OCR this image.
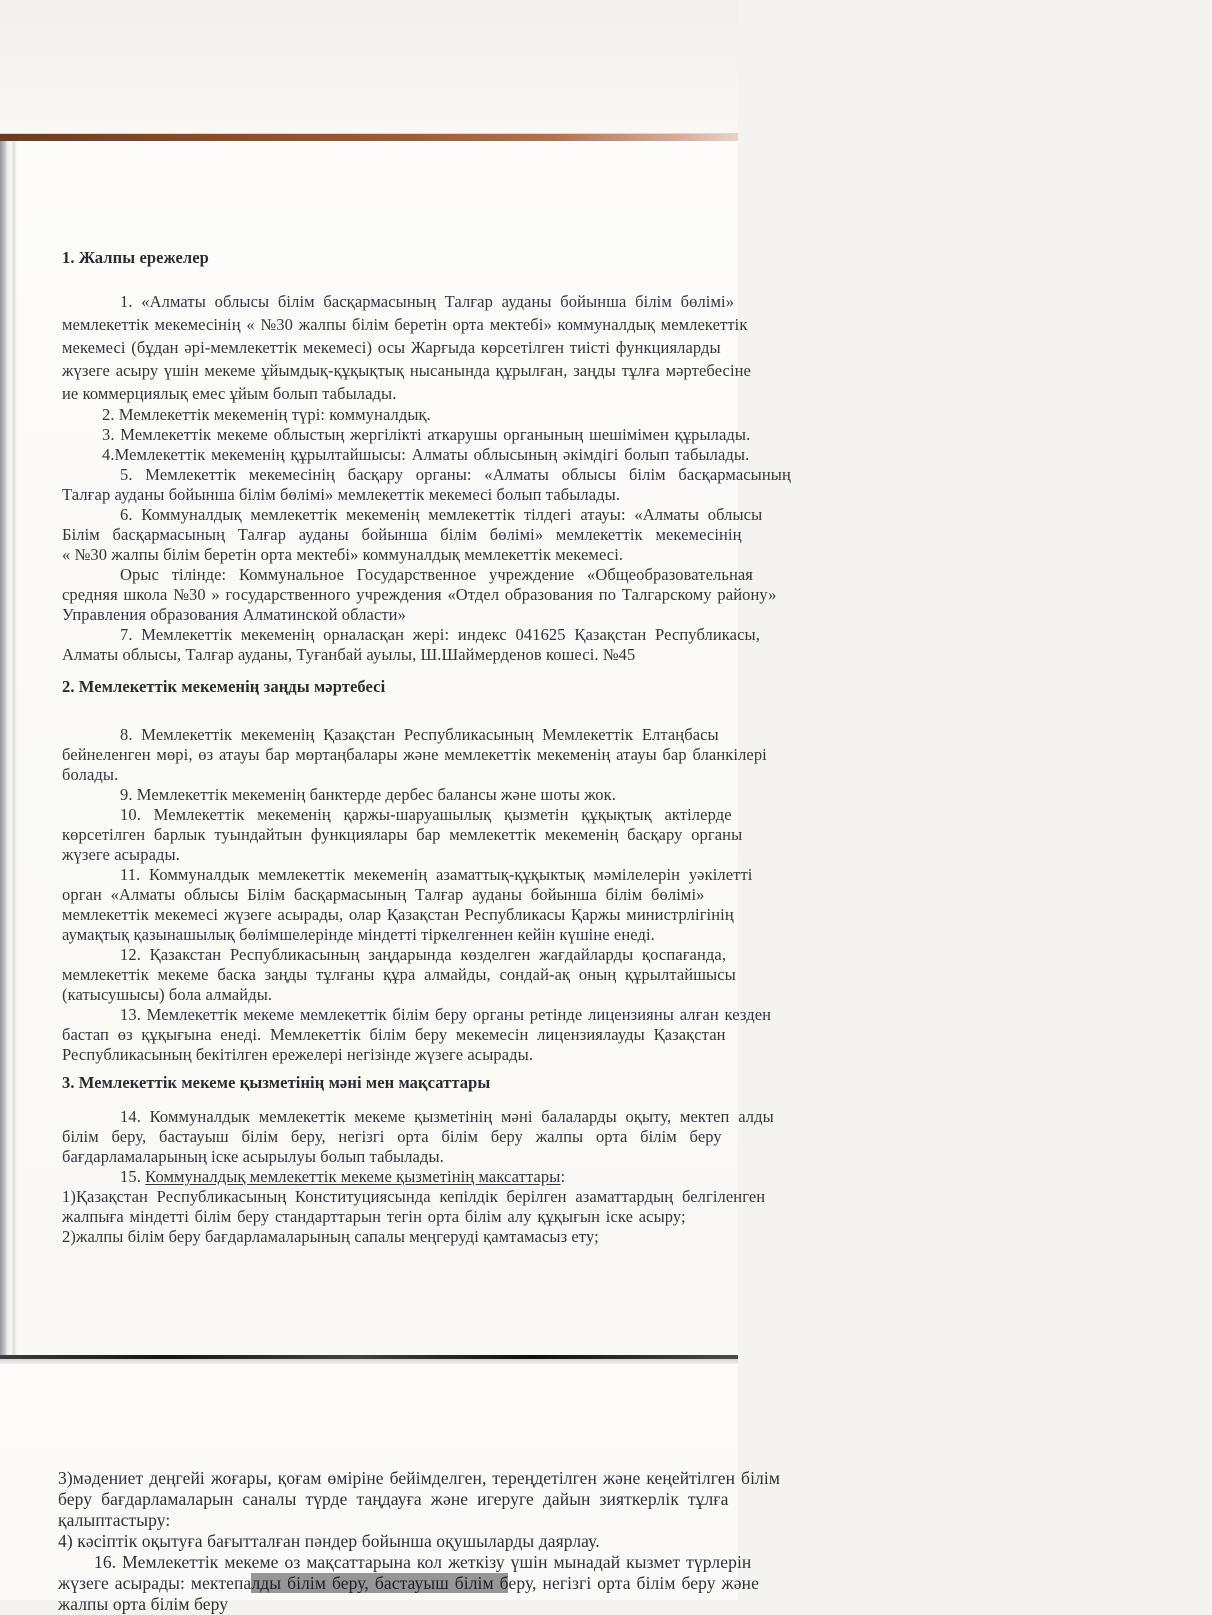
1. Жалпы ережелер
1. «Алматы облысы білім басқармасының Талғар ауданы бойынша білім бөлімі»
мемлекеттік мекемесінің « №30 жалпы білім беретін орта мектебі» коммуналдық мемлекеттік
мекемесі (бұдан әрі-мемлекеттік мекемесі) осы Жарғыда көрсетілген тиісті функцияларды
жүзеге асыру үшін мекеме ұйымдық-құқықтық нысанында құрылған, заңды тұлға мәртебесіне
ие коммерциялық емес ұйым болып табылады.
2. Мемлекеттік мекеменің түрі: коммуналдық.
3. Мемлекеттік мекеме облыстың жергілікті аткарушы органының шешімімен құрылады.
4.Мемлекеттік мекеменің құрылтайшысы: Алматы облысының әкімдігі болып табылады.
5. Мемлекеттік мекемесінің басқару органы: «Алматы облысы білім басқармасының
Талғар ауданы бойынша білім бөлімі» мемлекеттік мекемесі болып табылады.
6. Коммуналдық мемлекеттік мекеменің мемлекеттік тілдегі атауы: «Алматы облысы
Білім басқармасының Талғар ауданы бойынша білім бөлімі» мемлекеттік мекемесінің
« №30 жалпы білім беретін орта мектебі» коммуналдық мемлекеттік мекемесі.
Орыс тілінде: Коммунальное Государственное учреждение «Общеобразовательная
средняя школа №30 » государственного учреждения «Отдел образования по Талгарскому району»
Управления образования Алматинской области»
7. Мемлекеттік мекеменің орналасқан жері: индекс 041625 Қазақстан Республикасы,
Алматы облысы, Талғар ауданы, Туғанбай ауылы, Ш.Шаймерденов кошесі. №45
2. Мемлекеттік мекеменің заңды мәртебесі
8. Мемлекеттік мекеменің Қазақстан Республикасының Мемлекеттік Елтаңбасы
бейнеленген мөрі, өз атауы бар мөртаңбалары және мемлекеттік мекеменің атауы бар бланкілері
болады.
9. Мемлекеттік мекеменің банктерде дербес балансы және шоты жок.
10. Мемлекеттік мекеменің қаржы-шаруашылық қызметін құқықтық актілерде
көрсетілген барлык туындайтын функциялары бар мемлекеттік мекеменің басқару органы
жүзеге асырады.
11. Коммуналдык мемлекеттік мекеменің азаматтық-құқыктық мәмілелерін уәкілетті
орган «Алматы облысы Білім басқармасының Талғар ауданы бойынша білім бөлімі»
мемлекеттік мекемесі жүзеге асырады, олар Қазақстан Республикасы Қаржы министрлігінің
аумақтық қазынашылық бөлімшелерінде міндетті тіркелгеннен кейін күшіне енеді.
12. Қазакстан Республикасының заңдарында көзделген жағдайларды қоспағанда,
мемлекеттік мекеме баска заңды тұлғаны құра алмайды, сондай-ақ оның құрылтайшысы
(катысушысы) бола алмайды.
13. Мемлекеттік мекеме мемлекеттік білім беру органы ретінде лицензияны алған кезден
бастап өз құқығына енеді. Мемлекеттік білім беру мекемесін лицензиялауды Қазақстан
Республикасының бекітілген ережелері негізінде жүзеге асырады.
3. Мемлекеттік мекеме қызметінің мәні мен мақсаттары
14. Коммуналдык мемлекеттік мекеме қызметінің мәні балаларды оқыту, мектеп алды
білім беру, бастауыш білім беру, негізгі орта білім беру жалпы орта білім беру
бағдарламаларының іске асырылуы болып табылады.
15. Коммуналдық мемлекеттік мекеме қызметінің максаттары:
1)Қазақстан Республикасының Конституциясында кепілдік берілген азаматтардың белгіленген
жалпыға міндетті білім беру стандарттарын тегін орта білім алу құқығын іске асыру;
2)жалпы білім беру бағдарламаларының сапалы меңгеруді қамтамасыз ету;
3)мәдениет деңгейі жоғары, қоғам өміріне бейімделген, тереңдетілген және кеңейтілген білім
беру бағдарламаларын саналы түрде таңдауға және игеруге дайын зияткерлік тұлға
қалыптастыру:
4) кәсіптік оқытуға бағытталған пәндер бойынша оқушыларды даярлау.
16. Мемлекеттік мекеме оз мақсаттарына кол жеткізу үшін мынадай кызмет түрлерін
жүзеге асырады: мектепалды білім беру, бастауыш білім беру, негізгі орта білім беру және
жалпы орта білім беру
